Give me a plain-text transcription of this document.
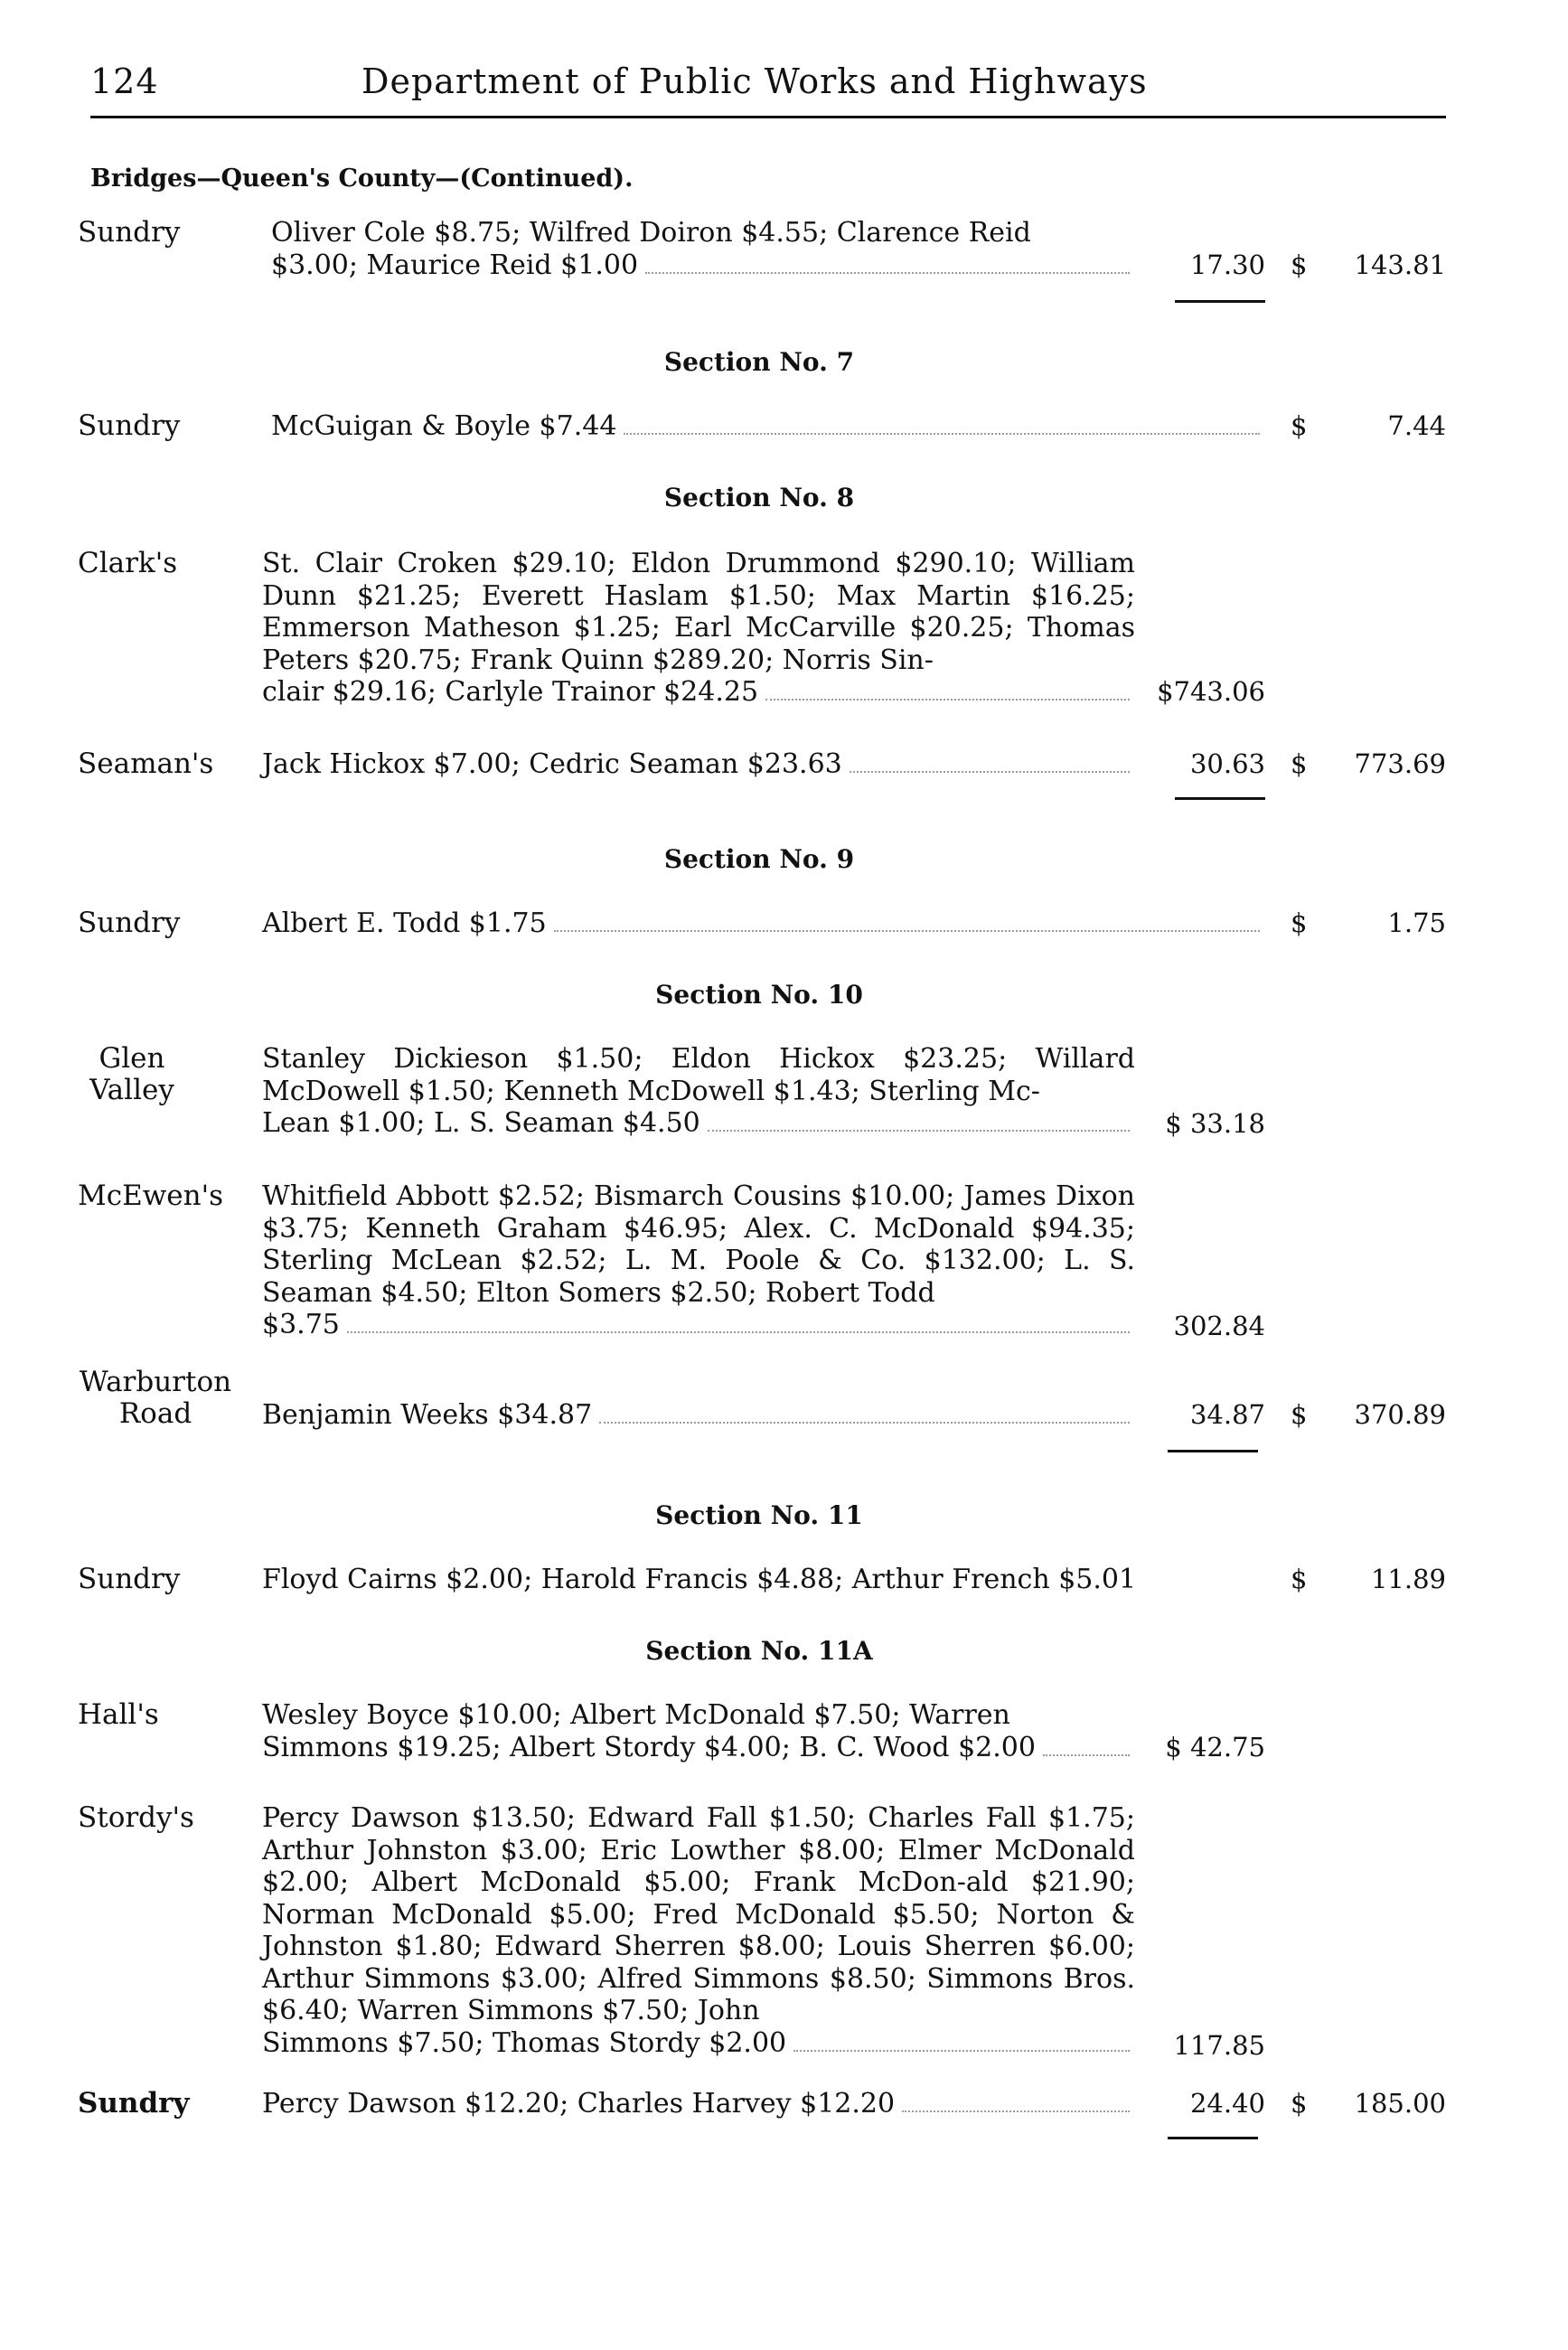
124	Department of Public Works and Highways
Bridges—Queen's County—(Continued).
Sundry	Oliver Cole $8.75; Wilfred Doiron $4.55; Clarence Reid

$3.00; Maurice Reid $1.00	17.30 $ 143.81
Section No. 7
Sundry	McGuigan & Boyle $7.44	$	7.44
Section No. 8
Clark's	St. Clair Croken $29.10; Eldon Drummond $290.10; William Dunn $21.25; Everett Haslam $1.50; Max Martin $16.25; Emmerson Matheson $1.25; Earl McCarville $20.25; Thomas Peters $20.75; Frank Quinn $289.20; Norris Sin-

clair $29.16; Carlyle Trainor $24.25	$743.06
Seaman's	Jack Hickox $7.00; Cedric Seaman $23.63	30.63 $ 773.69
Section No. 9
Sundry	Albert E. Todd $1.75	$	1.75
Section No. 10
Glen
Valley

Stanley Dickieson $1.50; Eldon Hickox $23.25; Willard McDowell $1.50; Kenneth McDowell $1.43; Sterling Mc-

Lean $1.00; L. S. Seaman $4.50	$ 33.18
McEwen's	Whitfield Abbott $2.52; Bismarch Cousins $10.00; James Dixon $3.75; Kenneth Graham $46.95; Alex. C. McDonald $94.35; Sterling McLean $2.52; L. M. Poole & Co. $132.00; L. S. Seaman $4.50; Elton Somers $2.50; Robert Todd

$3.75	302.84
Warburton
Road	Benjamin Weeks $34.87	34.87 $ 370.89
Section No. 11
Sundry	Floyd Cairns $2.00; Harold Francis $4.88; Arthur French $5.01	$ 11.89
Section No. 11A
Hall's	Wesley Boyce $10.00; Albert McDonald $7.50; Warren

Simmons $19.25; Albert Stordy $4.00; B. C. Wood $2.00	$ 42.75
Stordy's	Percy Dawson $13.50; Edward Fall $1.50; Charles Fall $1.75; Arthur Johnston $3.00; Eric Lowther $8.00; Elmer McDonald $2.00; Albert McDonald $5.00; Frank McDon-ald $21.90; Norman McDonald $5.00; Fred McDonald $5.50; Norton & Johnston $1.80; Edward Sherren $8.00; Louis Sherren $6.00; Arthur Simmons $3.00; Alfred Simmons $8.50; Simmons Bros. $6.40; Warren Simmons $7.50; John

Simmons $7.50; Thomas Stordy $2.00	117.85
Sundry	Percy Dawson $12.20; Charles Harvey $12.20	24.40 $ 185.00
